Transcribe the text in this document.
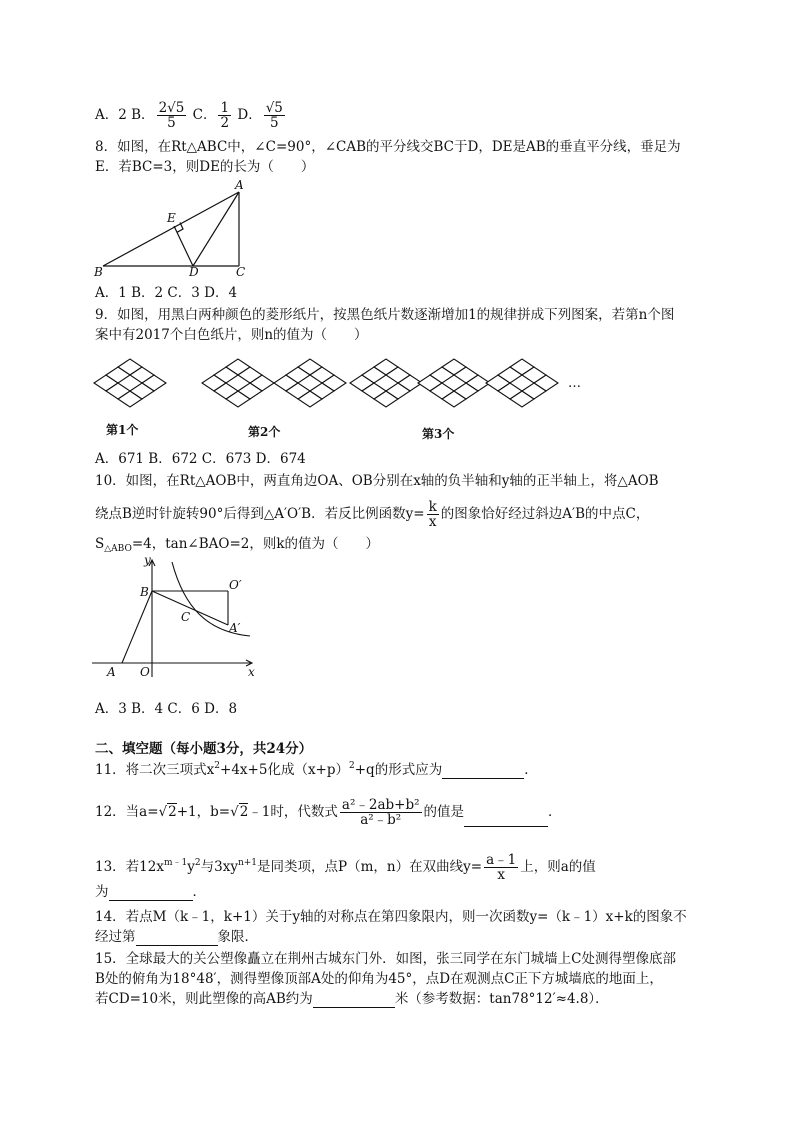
A．2 B． $\frac{2√5}{5}$ C． $\frac{1}{2}$ D． $\frac{√5}{5}$
8．如图，在Rt△ABC中，∠C=90°，∠CAB的平分线交BC于D，DE是AB的垂直平分线，垂足为
E．若BC=3，则DE的长为（　　）
A
B	C
D
E
A．1 B．2 C．3 D．4
9．如图，用黑白两种颜色的菱形纸片，按黑色纸片数逐渐增加1的规律拼成下列图案，若第n个图
案中有2017个白色纸片，则n的值为（　　）
…
第1个	第2个	第3个
A．671 B．672 C．673 D．674
10．如图，在Rt△AOB中，两直角边OA、OB分别在x轴的负半轴和y轴的正半轴上，将△AOB
绕点B逆时针旋转90°后得到△A′O′B．若反比例函数$y= \frac{k}{x}$ 的图象恰好经过斜边A′B的中点C，
$S_{\triangle ABO}=4$，tan∠BAO=2，则k的值为（　　）
y
x
B	O′
C
A′
A O
A．3 B．4 C．6 D．8
二、填空题（每小题3分，共24分）
11．将二次三项式$x^2+4x+5$化成$(x+p)^2+q$的形式应为	．
12．当a=√2+1，b=√2﹣1时，代数式 $\frac{\text{a²﹣2ab+b²}}{\text{a²﹣b²}}$ 的值是	．
13．若$12x^{m﹣1}y^2$与$3xy^{n+1}$是同类项，点P（m，n）在双曲线$y= \frac{a﹣1}{x}$ 上，则a的值
为	．
14．若点M（k﹣1，k+1）关于y轴的对称点在第四象限内，则一次函数y=（k﹣1）x+k的图象不
经过第	象限．
15．全球最大的关公塑像矗立在荆州古城东门外．如图，张三同学在东门城墙上C处测得塑像底部
B处的俯角为18°48′，测得塑像顶部A处的仰角为45°，点D在观测点C正下方城墙底的地面上，
若CD=10米，则此塑像的高AB约为	米（参考数据：tan78°12′≈4.8）．
